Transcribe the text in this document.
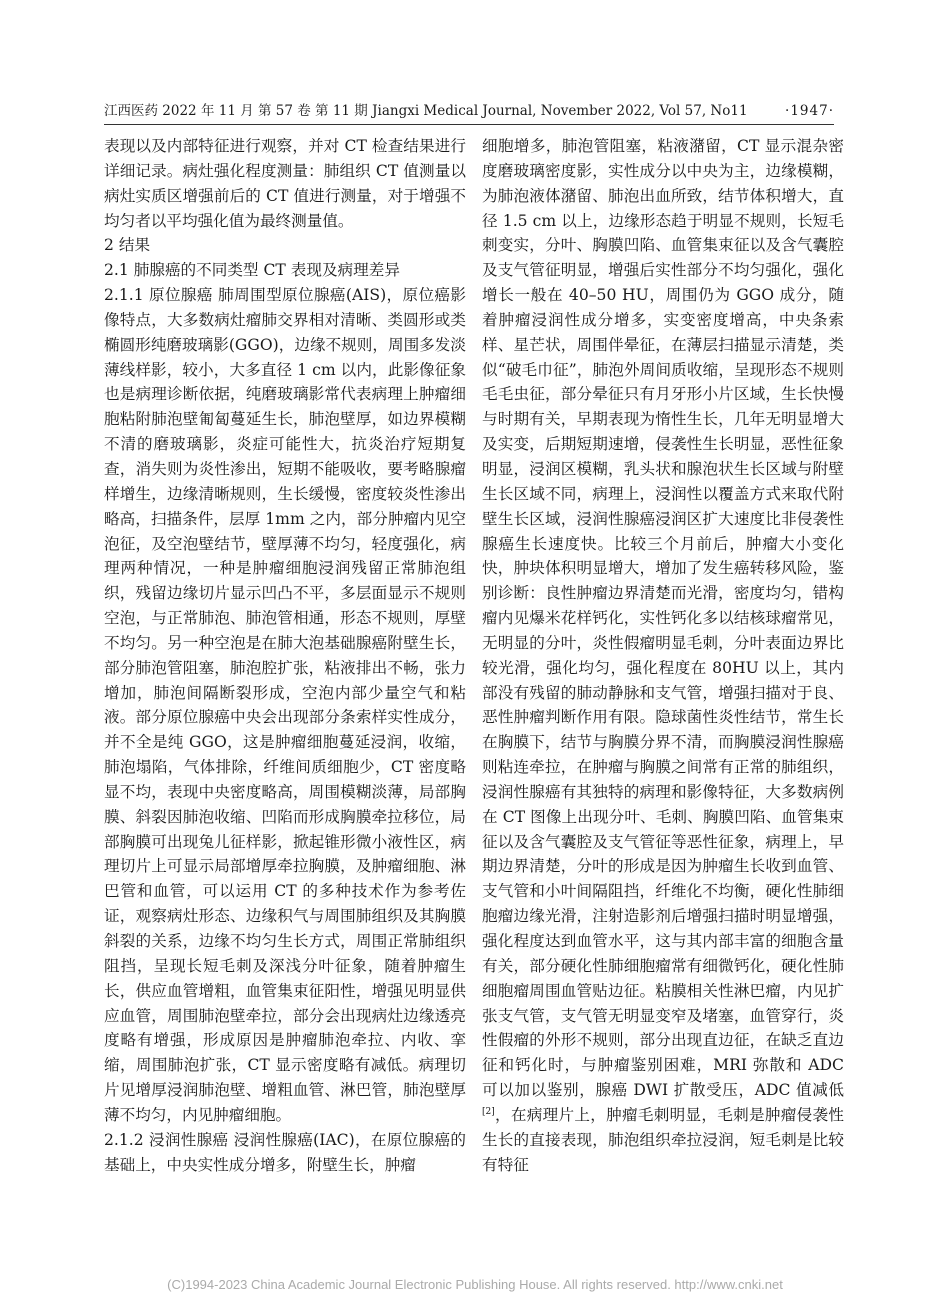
江西医药 2022 年 11 月 第 57 卷 第 11 期 Jiangxi Medical Journal, November 2022, Vol 57, No11	·1947·

表现以及内部特征进行观察，并对 CT 检查结果进行详细记录。病灶强化程度测量：肺组织 CT 值测量以病灶实质区增强前后的 CT 值进行测量，对于增强不均匀者以平均强化值为最终测量值。

2 结果
2.1 肺腺癌的不同类型 CT 表现及病理差异

2.1.1 原位腺癌 肺周围型原位腺癌(AIS)，原位癌影像特点，大多数病灶瘤肺交界相对清晰、类圆形或类椭圆形纯磨玻璃影(GGO)，边缘不规则，周围多发淡薄线样影，较小，大多直径 1 cm 以内，此影像征象也是病理诊断依据，纯磨玻璃影常代表病理上肿瘤细胞粘附肺泡壁匍匐蔓延生长，肺泡壁厚，如边界模糊不清的磨玻璃影，炎症可能性大，抗炎治疗短期复查，消失则为炎性渗出，短期不能吸收，要考略腺瘤样增生，边缘清晰规则，生长缓慢，密度较炎性渗出略高，扫描条件，层厚 1mm 之内，部分肿瘤内见空泡征，及空泡壁结节，壁厚薄不均匀，轻度强化，病理两种情况，一种是肿瘤细胞浸润残留正常肺泡组织，残留边缘切片显示凹凸不平，多层面显示不规则空泡，与正常肺泡、肺泡管相通，形态不规则，厚壁不均匀。另一种空泡是在肺大泡基础腺癌附壁生长，部分肺泡管阻塞，肺泡腔扩张，粘液排出不畅，张力增加，肺泡间隔断裂形成，空泡内部少量空气和粘液。部分原位腺癌中央会出现部分条索样实性成分，并不全是纯 GGO，这是肿瘤细胞蔓延浸润，收缩，肺泡塌陷，气体排除，纤维间质细胞少，CT 密度略显不均，表现中央密度略高，周围模糊淡薄，局部胸膜、斜裂因肺泡收缩、凹陷而形成胸膜牵拉移位，局部胸膜可出现兔儿征样影，掀起锥形微小液性区，病理切片上可显示局部增厚牵拉胸膜，及肿瘤细胞、淋巴管和血管，可以运用 CT 的多种技术作为参考佐证，观察病灶形态、边缘积气与周围肺组织及其胸膜斜裂的关系，边缘不均匀生长方式，周围正常肺组织阻挡，呈现长短毛刺及深浅分叶征象，随着肿瘤生长，供应血管增粗，血管集束征阳性，增强见明显供应血管，周围肺泡壁牵拉，部分会出现病灶边缘透亮度略有增强，形成原因是肿瘤肺泡牵拉、内收、挛缩，周围肺泡扩张，CT 显示密度略有减低。病理切片见增厚浸润肺泡壁、增粗血管、淋巴管，肺泡壁厚薄不均匀，内见肿瘤细胞。

2.1.2 浸润性腺癌 浸润性腺癌(IAC)，在原位腺癌的基础上，中央实性成分增多，附壁生长，肿瘤

细胞增多，肺泡管阻塞，粘液潴留，CT 显示混杂密度磨玻璃密度影，实性成分以中央为主，边缘模糊，为肺泡液体潴留、肺泡出血所致，结节体积增大，直径 1.5 cm 以上，边缘形态趋于明显不规则，长短毛刺变实，分叶、胸膜凹陷、血管集束征以及含气囊腔及支气管征明显，增强后实性部分不均匀强化，强化增长一般在 40–50 HU，周围仍为 GGO 成分，随着肿瘤浸润性成分增多，实变密度增高，中央条索样、星芒状，周围伴晕征，在薄层扫描显示清楚，类似“破毛巾征”，肺泡外周间质收缩，呈现形态不规则毛毛虫征，部分晕征只有月牙形小片区域，生长快慢与时期有关，早期表现为惰性生长，几年无明显增大及实变，后期短期速增，侵袭性生长明显，恶性征象明显，浸润区模糊，乳头状和腺泡状生长区域与附壁生长区域不同，病理上，浸润性以覆盖方式来取代附壁生长区域，浸润性腺癌浸润区扩大速度比非侵袭性腺癌生长速度快。比较三个月前后，肿瘤大小变化快，肿块体积明显增大，增加了发生癌转移风险，鉴别诊断：良性肿瘤边界清楚而光滑，密度均匀，错构瘤内见爆米花样钙化，实性钙化多以结核球瘤常见，无明显的分叶，炎性假瘤明显毛刺，分叶表面边界比较光滑，强化均匀，强化程度在 80HU 以上，其内部没有残留的肺动静脉和支气管，增强扫描对于良、恶性肿瘤判断作用有限。隐球菌性炎性结节，常生长在胸膜下，结节与胸膜分界不清，而胸膜浸润性腺癌则粘连牵拉，在肿瘤与胸膜之间常有正常的肺组织，浸润性腺癌有其独特的病理和影像特征，大多数病例在 CT 图像上出现分叶、毛刺、胸膜凹陷、血管集束征以及含气囊腔及支气管征等恶性征象，病理上，早期边界清楚，分叶的形成是因为肿瘤生长收到血管、支气管和小叶间隔阻挡，纤维化不均衡，硬化性肺细胞瘤边缘光滑，注射造影剂后增强扫描时明显增强，强化程度达到血管水平，这与其内部丰富的细胞含量有关，部分硬化性肺细胞瘤常有细微钙化，硬化性肺细胞瘤周围血管贴边征。粘膜相关性淋巴瘤，内见扩张支气管，支气管无明显变窄及堵塞，血管穿行，炎性假瘤的外形不规则，部分出现直边征，在缺乏直边征和钙化时，与肿瘤鉴别困难，MRI 弥散和 ADC 可以加以鉴别，腺癌 DWI 扩散受压，ADC 值减低[2]，在病理片上，肿瘤毛刺明显，毛刺是肿瘤侵袭性生长的直接表现，肺泡组织牵拉浸润，短毛刺是比较有特征

(C)1994-2023 China Academic Journal Electronic Publishing House. All rights reserved. http://www.cnki.net
